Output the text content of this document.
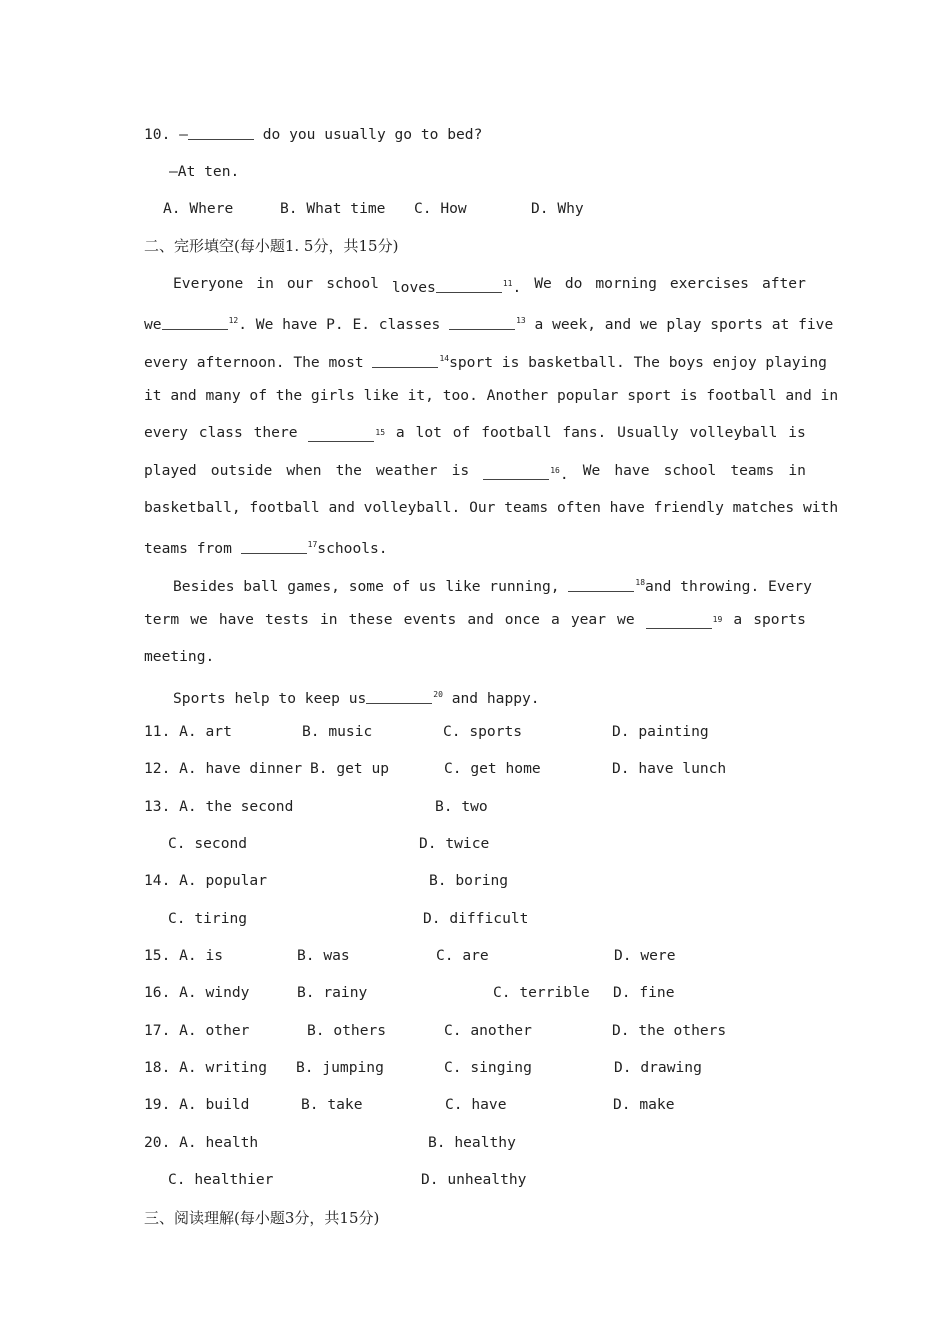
10. —	do you usually go to bed?
—At ten.
A. Where	B. What time C. How	D. Why
二、完形填空(每小题1. 5分，共15分)
Everyone in our school loves	$^{11}$. We do morning exercises after
we	$^{12}$. We have P. E. classes	$^{13}$ a week, and we play sports at five
every afternoon. The most	$^{14}$sport is basketball. The boys enjoy playing
it and many of the girls like it, too. Another popular sport is football and in
every class there	$^{15}$ a lot of football fans. Usually volleyball is
played outside when the weather is	$^{16}$. We have school teams in
basketball, football and volleyball. Our teams often have friendly matches with
teams from	$^{17}$schools.
Besides ball games, some of us like running,	$^{18}$and throwing. Every
term we have tests in these events and once a year we	$^{19}$ a sports
meeting.
Sports help to keep us	$^{20}$ and happy.
11. A. art	B. music	C. sports	D. painting
12. A. have dinner B. get up	C. get home	D. have lunch
13. A. the second	B. two
C. second	D. twice
14. A. popular	B. boring
C. tiring	D. difficult
15. A. is	B. was	C. are	D. were
16. A. windy	B. rainy	C. terrible D. fine
17. A. other	B. others	C. another	D. the others
18. A. writing B. jumping	C. singing	D. drawing
19. A. build	B. take	C. have	D. make
20. A. health	B. healthy
C. healthier	D. unhealthy
三、阅读理解(每小题3分，共15分)
